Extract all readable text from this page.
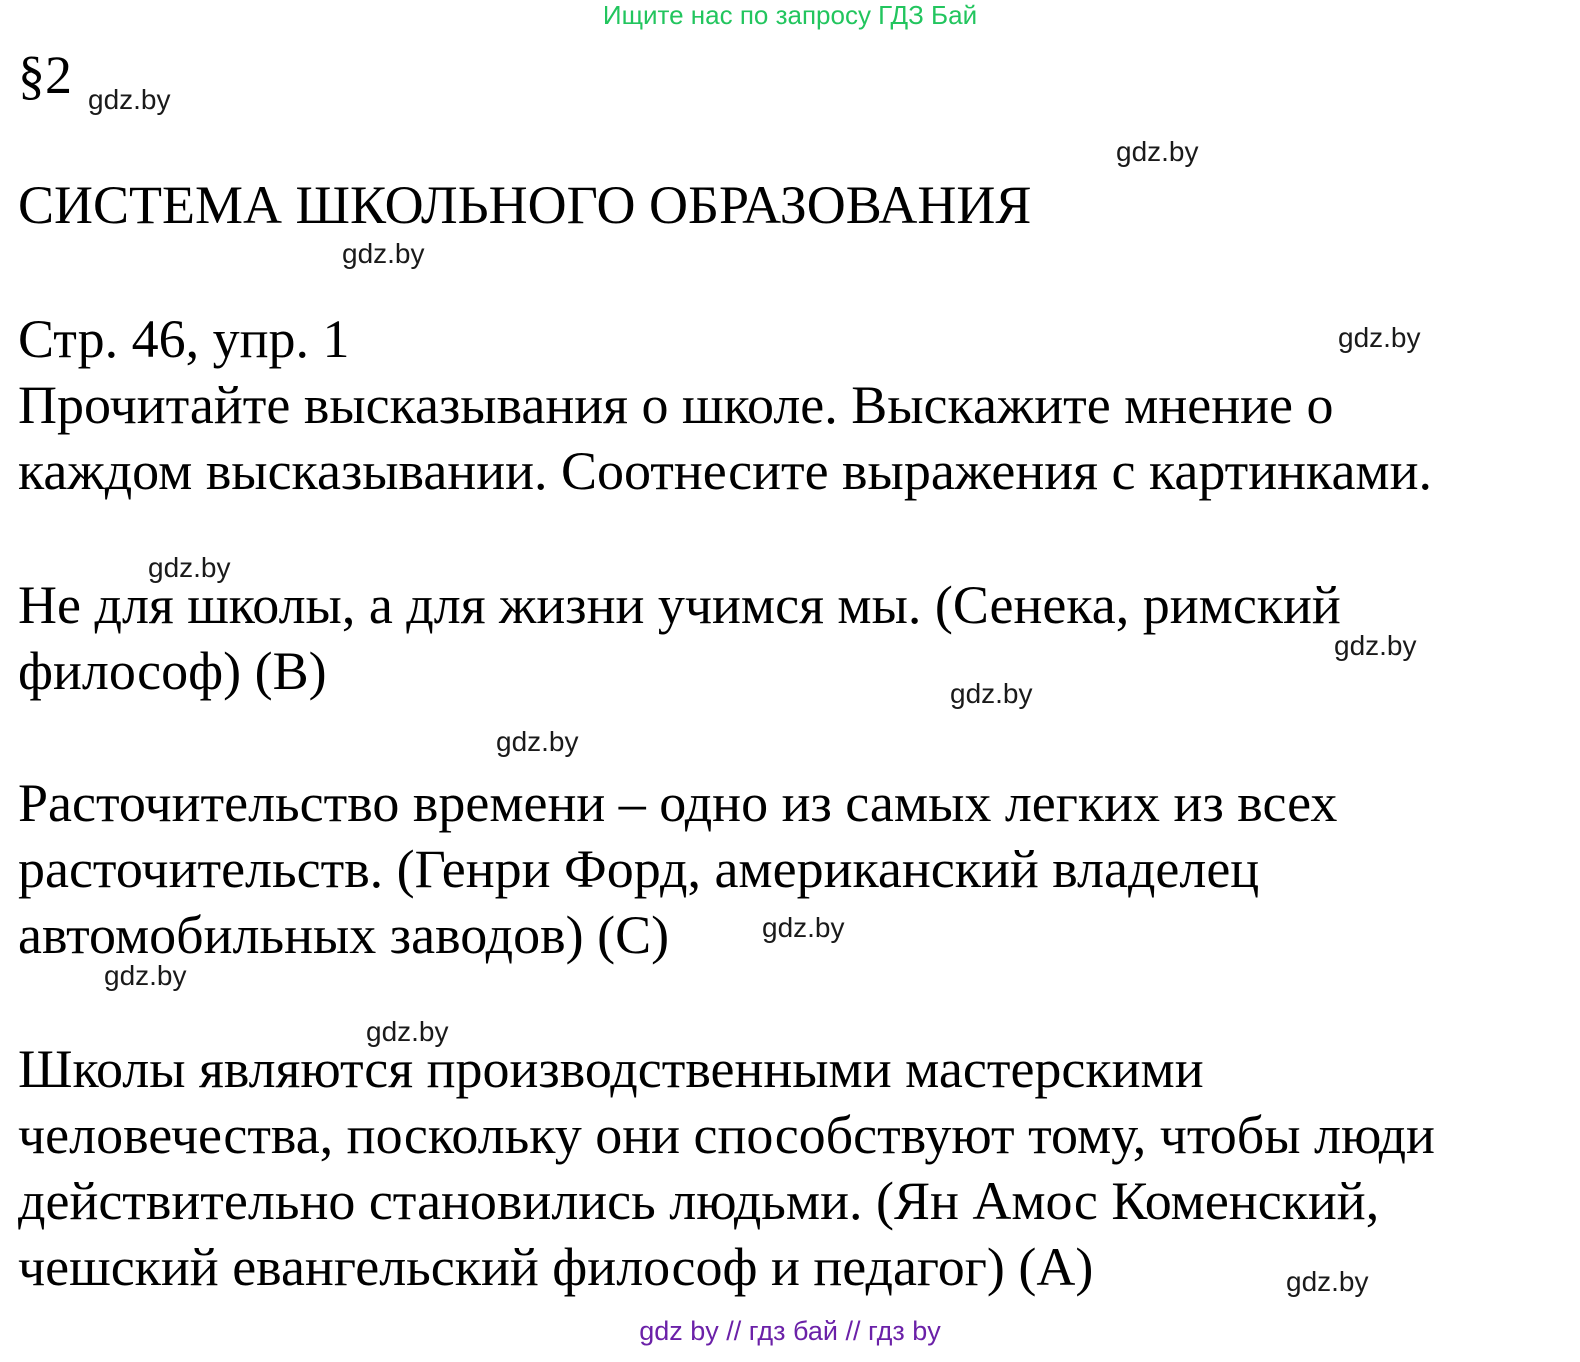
Ищите нас по запросу ГДЗ Бай
§2 gdz.by
gdz.by
СИСТЕМА ШКОЛЬНОГО ОБРАЗОВАНИЯ
gdz.by
Стр. 46, упр. 1	gdz.by
Прочитайте высказывания о школе. Выскажите мнение о
каждом высказывании. Соотнесите выражения с картинками.
gdz.by
Не для школы, а для жизни учимся мы. (Сенека, римский
философ) (B)	gdz.by
gdz.by
gdz.by
Расточительство времени – одно из самых легких из всех
расточительств. (Генри Форд, американский владелец
автомобильных заводов) (С)	gdz.by
gdz.by
gdz.by
Школы являются производственными мастерскими
человечества, поскольку они способствуют тому, чтобы люди
действительно становились людьми. (Ян Амос Коменский,
чешский евангельский философ и педагог) (A)	gdz.by
gdz by // гдз бай // гдз by
